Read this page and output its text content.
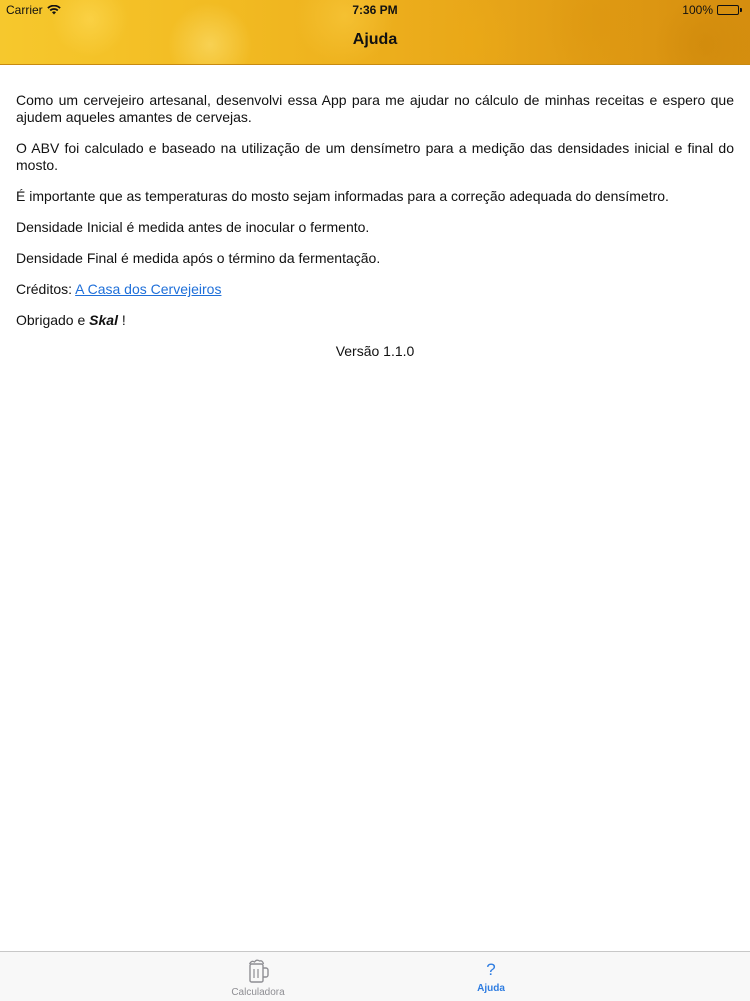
Carrier	7:36 PM	100%
Ajuda

Como um cervejeiro artesanal, desenvolvi essa App para me ajudar no cálculo de minhas receitas e espero que ajudem aqueles amantes de cervejas.

O ABV foi calculado e baseado na utilização de um densímetro para a medição das densidades inicial e final do mosto.

É importante que as temperaturas do mosto sejam informadas para a correção adequada do densímetro.

Densidade Inicial é medida antes de inocular o fermento.

Densidade Final é medida após o término da fermentação.

Créditos: A Casa dos Cervejeiros

Obrigado e Skal !

Versão 1.1.0
Calculadora
?
Ajuda
